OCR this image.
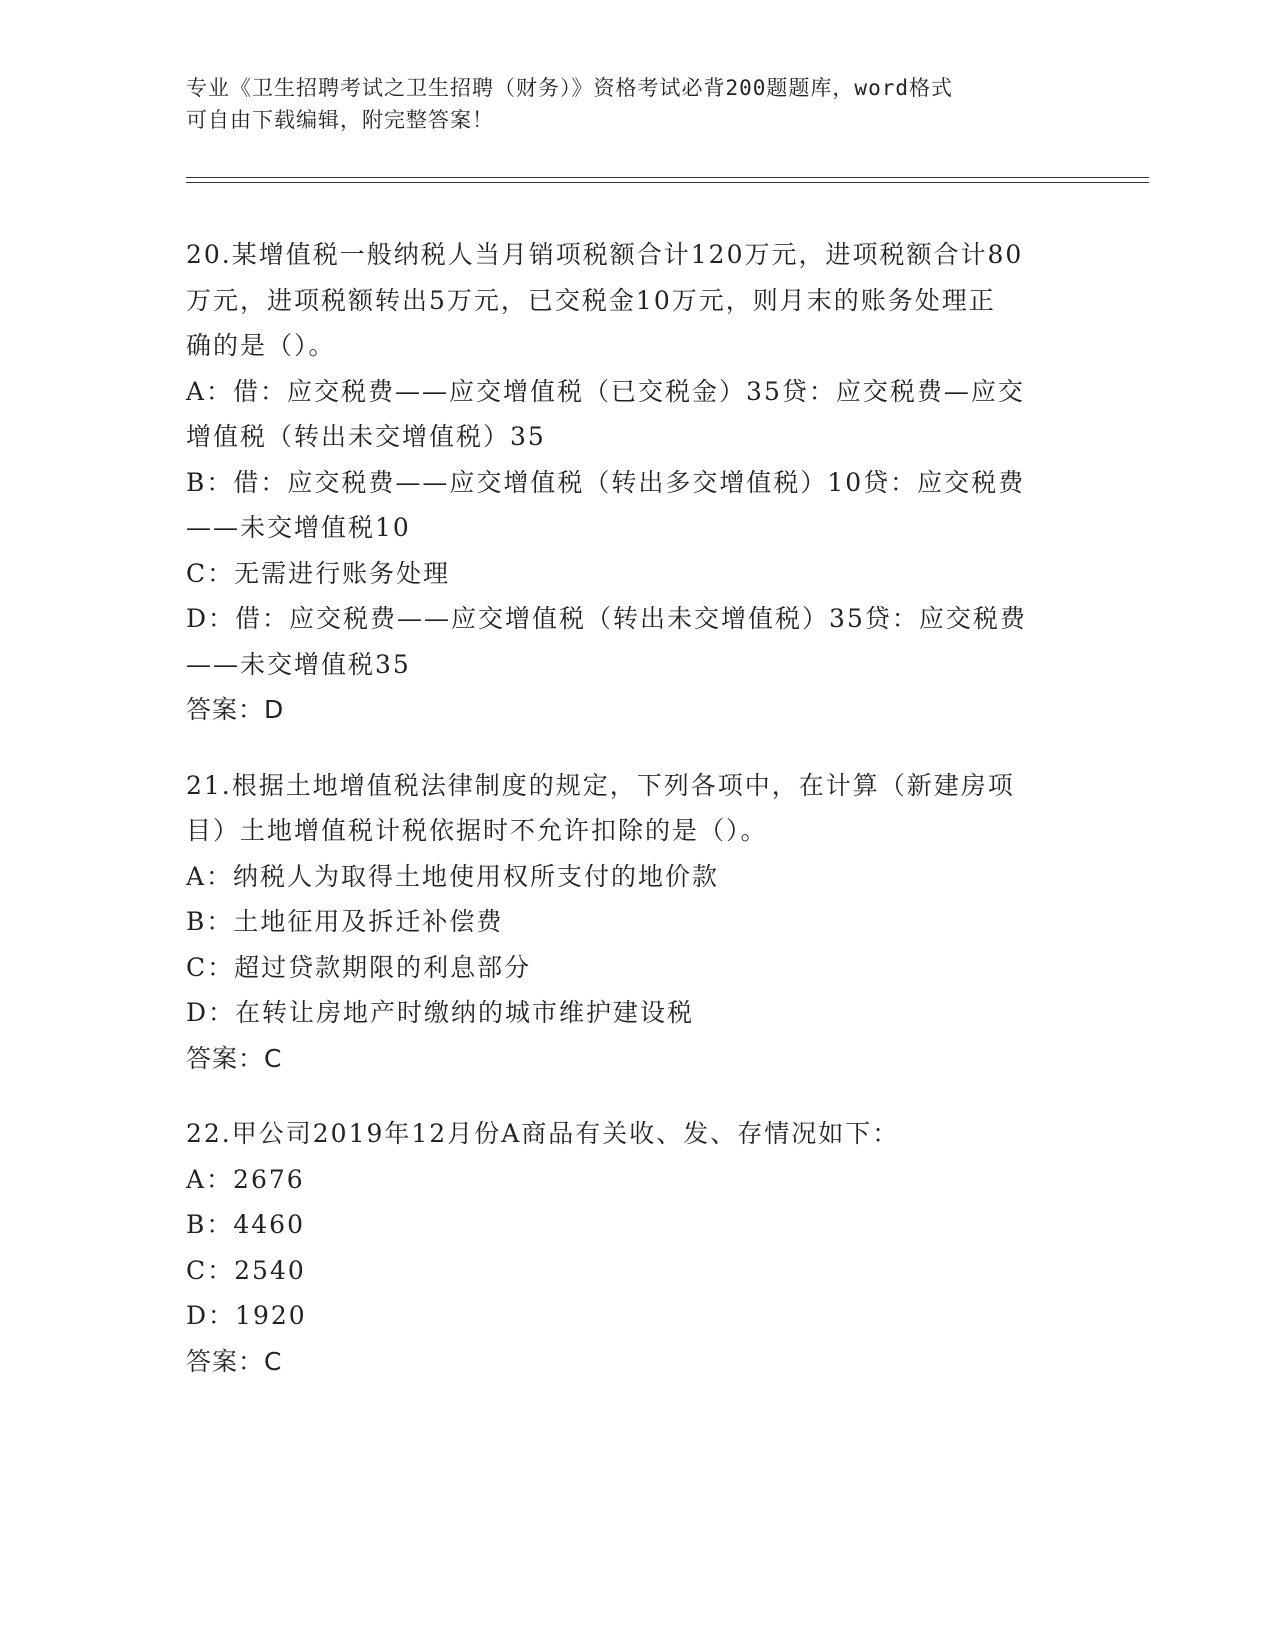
专业《卫生招聘考试之卫生招聘（财务）》资格考试必背200题题库，word格式
可自由下载编辑，附完整答案！
20.某增值税一般纳税人当月销项税额合计120万元，进项税额合计80
万元，进项税额转出5万元，已交税金10万元，则月末的账务处理正
确的是（）。
A：借：应交税费——应交增值税（已交税金）35贷：应交税费—应交
增值税（转出未交增值税）35
B：借：应交税费——应交增值税（转出多交增值税）10贷：应交税费
——未交增值税10
C：无需进行账务处理
D：借：应交税费——应交增值税（转出未交增值税）35贷：应交税费
——未交增值税35
答案：D
21.根据土地增值税法律制度的规定，下列各项中，在计算（新建房项
目）土地增值税计税依据时不允许扣除的是（）。
A：纳税人为取得土地使用权所支付的地价款
B：土地征用及拆迁补偿费
C：超过贷款期限的利息部分
D：在转让房地产时缴纳的城市维护建设税
答案：C
22.甲公司2019年12月份A商品有关收、发、存情况如下：
A：2676
B：4460
C：2540
D：1920
答案：C
